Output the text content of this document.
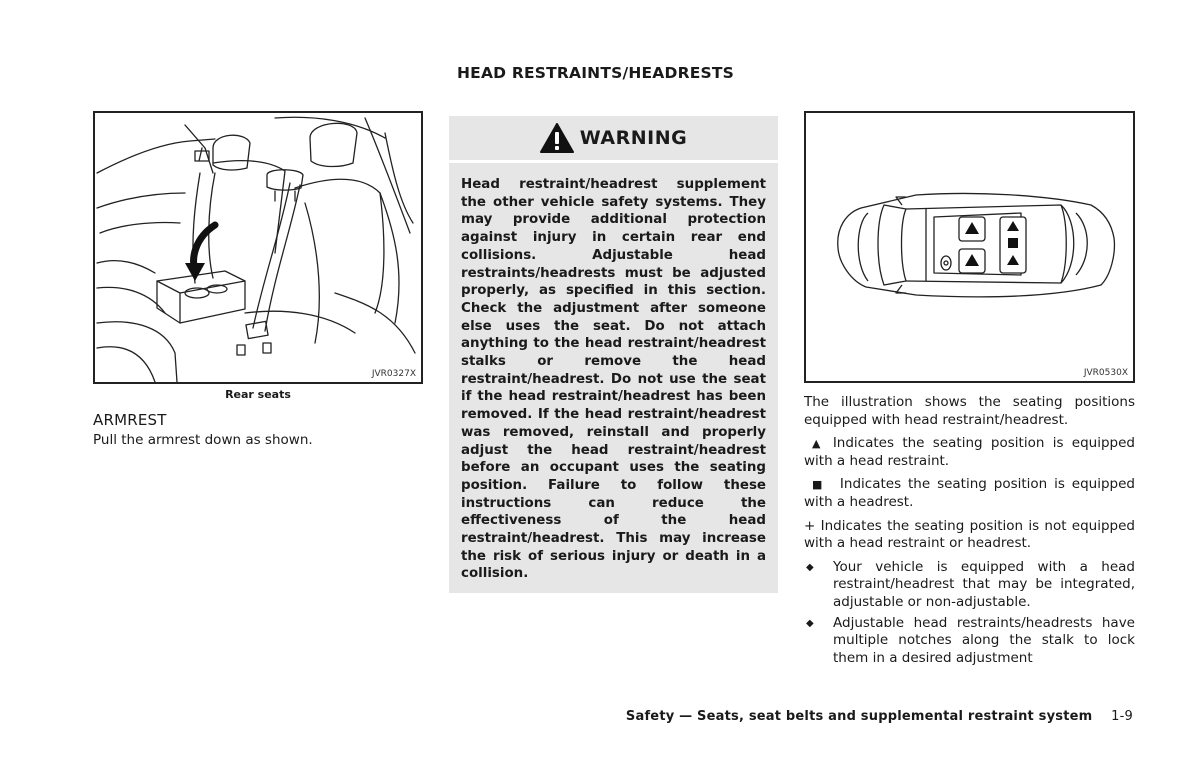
HEAD RESTRAINTS/HEADRESTS
JVR0327X
Rear seats
ARMREST
Pull the armrest down as shown.
WARNING
Head restraint/headrest supplement the other vehicle safety systems. They may provide additional protection against injury in certain rear end collisions. Adjustable head restraints/headrests must be adjusted properly, as specified in this section. Check the adjustment after someone else uses the seat. Do not attach anything to the head restraint/headrest stalks or remove the head restraint/headrest. Do not use the seat if the head restraint/headrest has been removed. If the head restraint/headrest was removed, reinstall and properly adjust the head restraint/headrest before an occupant uses the seating position. Failure to follow these instructions can reduce the effectiveness of the head restraint/headrest. This may increase the risk of serious injury or death in a collision.
JVR0530X

The illustration shows the seating positions equipped with head restraint/headrest.

▲ Indicates the seating position is equipped with a head restraint.

■ Indicates the seating position is equipped with a headrest.

+ Indicates the seating position is not equipped with a head restraint or headrest.

◆	Your vehicle is equipped with a head restraint/headrest that may be integrated, adjustable or non-adjustable.
◆	Adjustable head restraints/headrests have multiple notches along the stalk to lock them in a desired adjustment
Safety — Seats, seat belts and supplemental restraint system 1-9
